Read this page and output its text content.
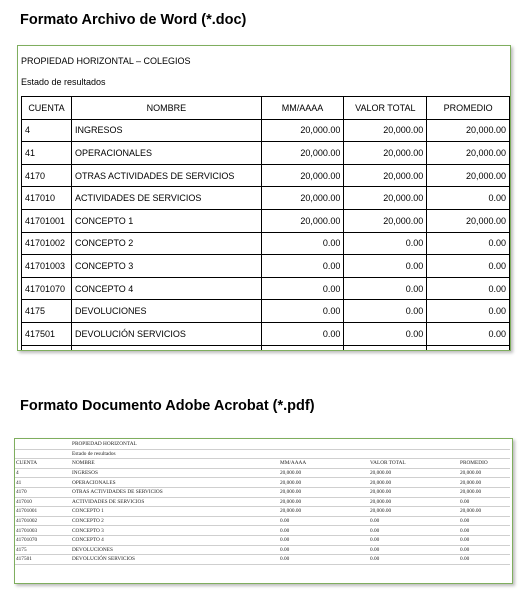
Formato Archivo de Word (*.doc)
PROPIEDAD HORIZONTAL – COLEGIOS
Estado de resultados
CUENTA	NOMBRE	MM/AAAA	VALOR TOTAL	PROMEDIO
4	INGRESOS	20,000.00	20,000.00	20,000.00
41	OPERACIONALES	20,000.00	20,000.00	20,000.00
4170	OTRAS ACTIVIDADES DE SERVICIOS	20,000.00	20,000.00	20,000.00
417010	ACTIVIDADES DE SERVICIOS	20,000.00	20,000.00	0.00
41701001	CONCEPTO 1	20,000.00	20,000.00	20,000.00
41701002	CONCEPTO 2	0.00	0.00	0.00
41701003	CONCEPTO 3	0.00	0.00	0.00
41701070	CONCEPTO 4	0.00	0.00	0.00
4175	DEVOLUCIONES	0.00	0.00	0.00
417501	DEVOLUCIÓN SERVICIOS	0.00	0.00	0.00

Formato Documento Adobe Acrobat (*.pdf)
	PROPIEDAD HORIZONTAL			
	Estado de resultados			
CUENTA	NOMBRE	MM/AAAA	VALOR TOTAL	PROMEDIO
4	INGRESOS	20,000.00	20,000.00	20,000.00
41	OPERACIONALES	20,000.00	20,000.00	20,000.00
4170	OTRAS ACTIVIDADES DE SERVICIOS	20,000.00	20,000.00	20,000.00
417010	ACTIVIDADES DE SERVICIOS	20,000.00	20,000.00	0.00
41701001	CONCEPTO 1	20,000.00	20,000.00	20,000.00
41701002	CONCEPTO 2	0.00	0.00	0.00
41701003	CONCEPTO 3	0.00	0.00	0.00
41701070	CONCEPTO 4	0.00	0.00	0.00
4175	DEVOLUCIONES	0.00	0.00	0.00
417501	DEVOLUCIÓN SERVICIOS	0.00	0.00	0.00
